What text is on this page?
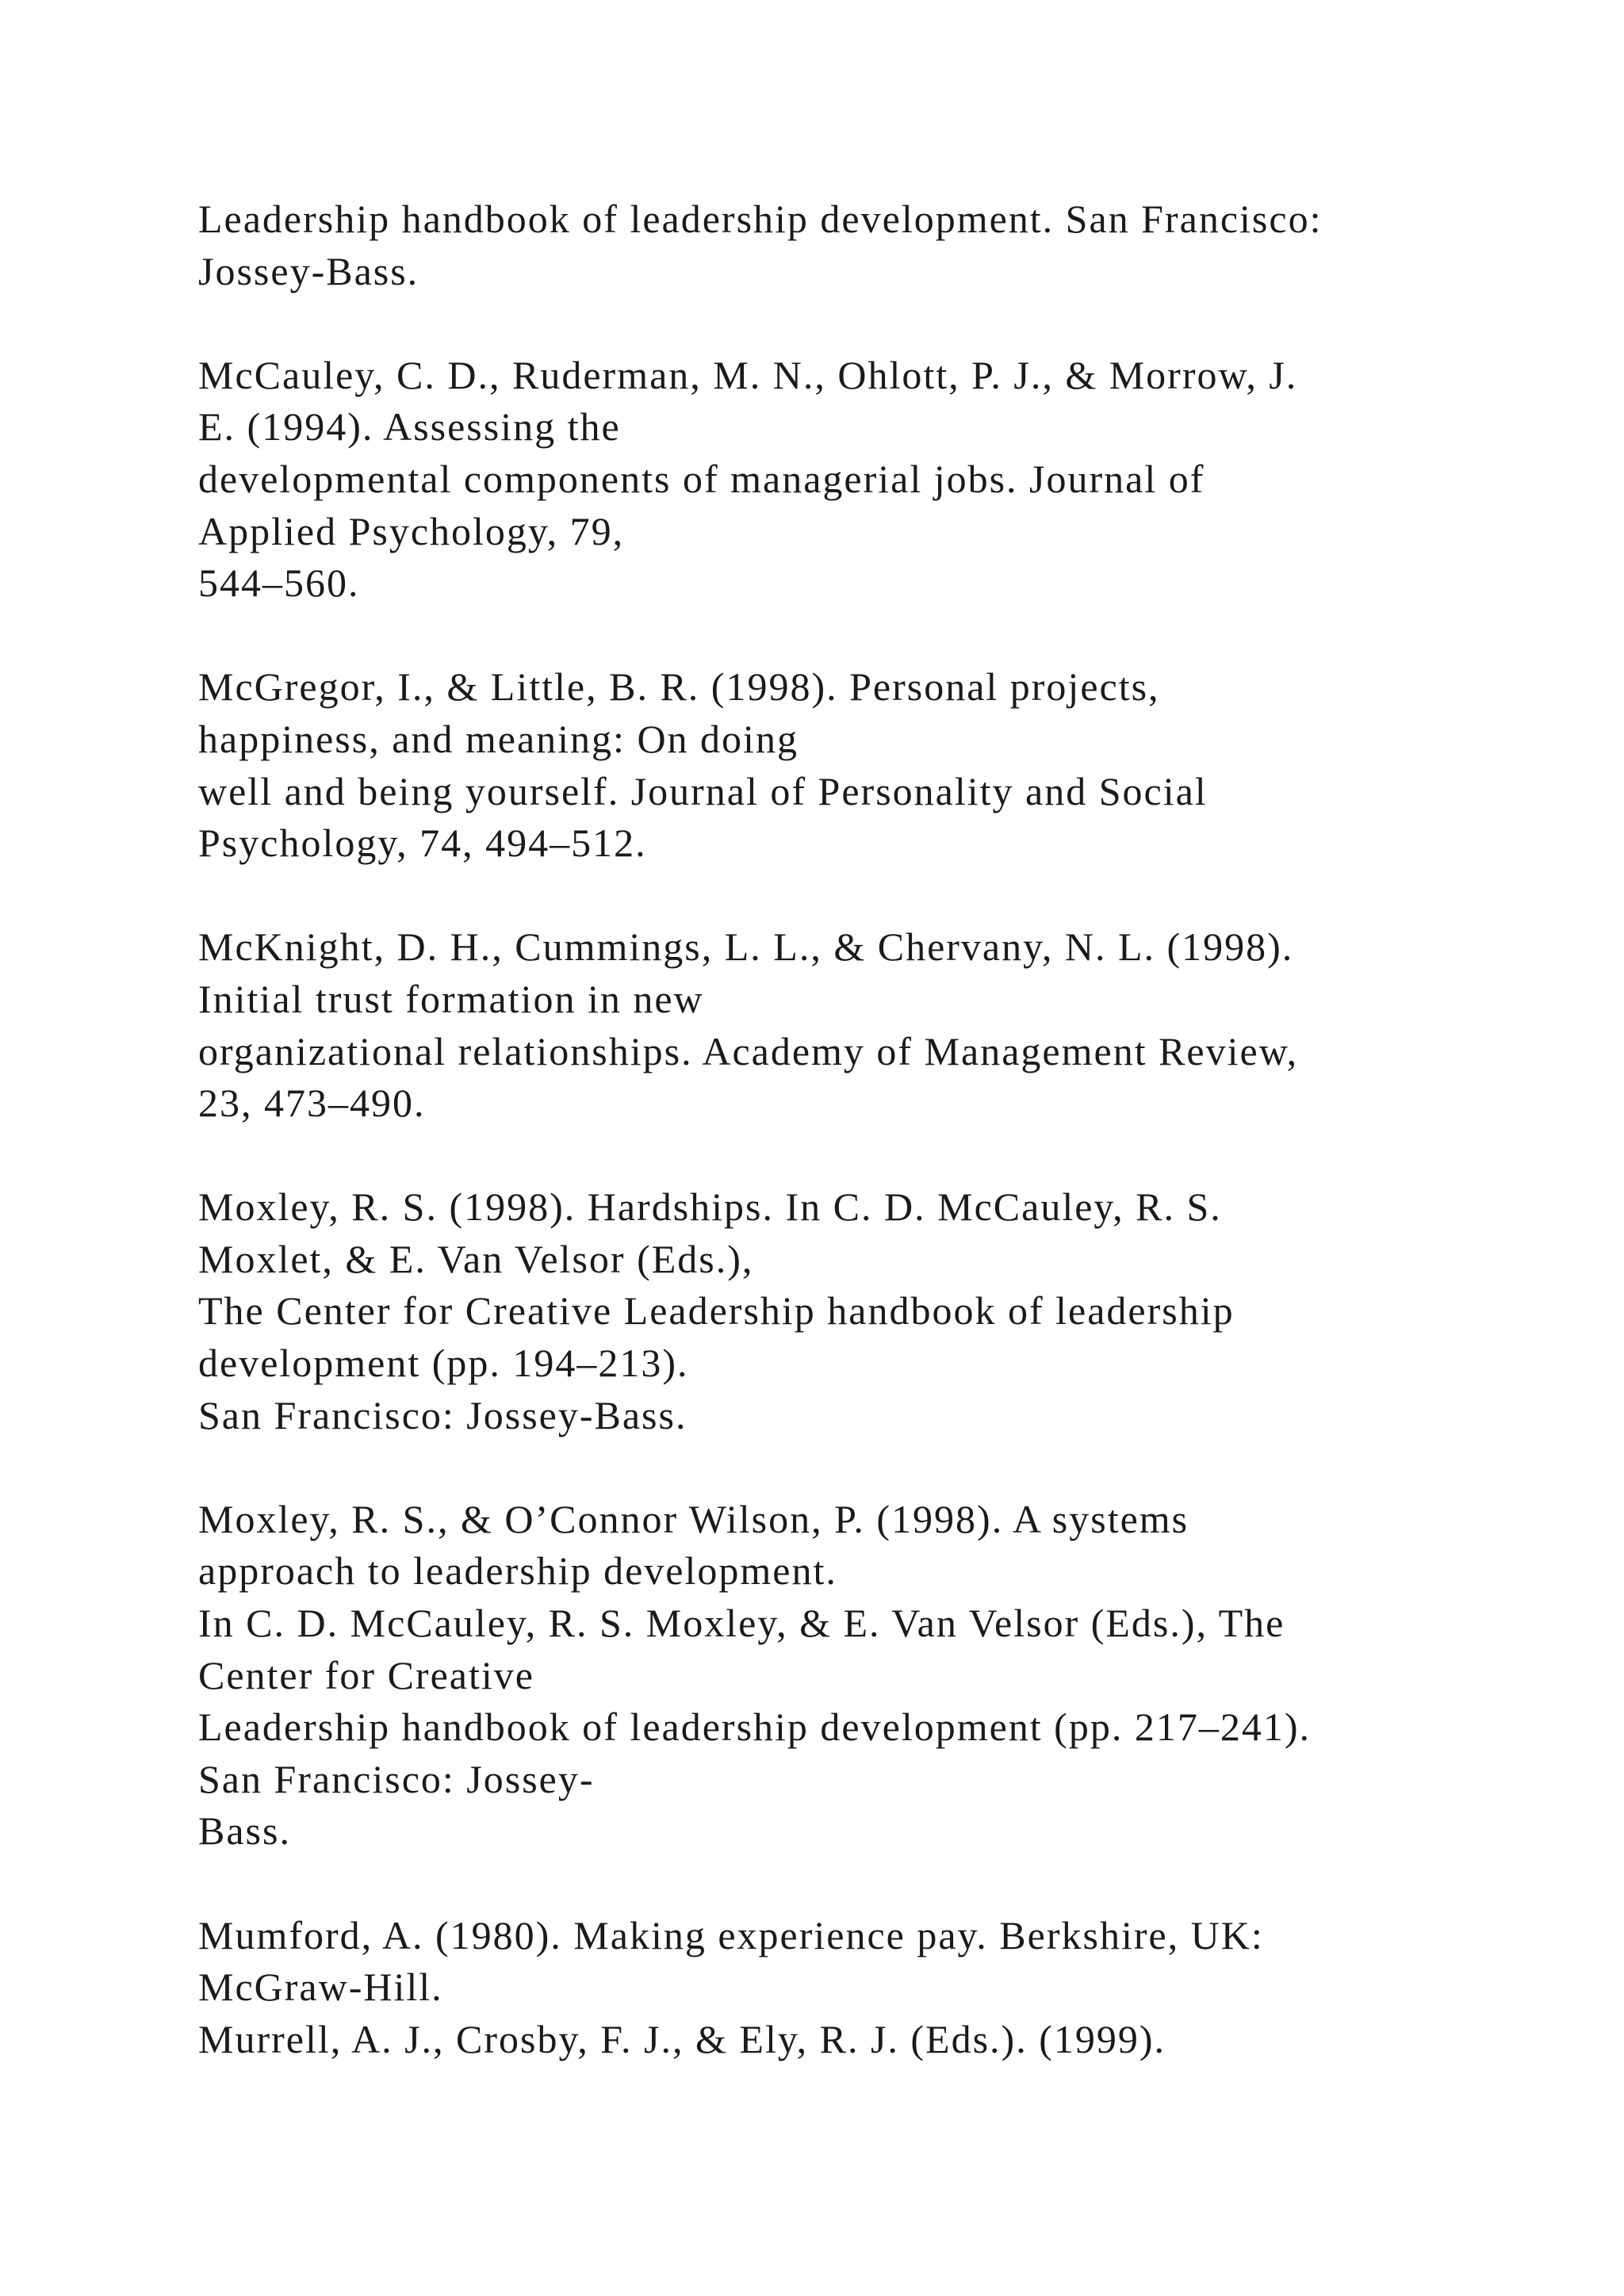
Leadership handbook of leadership development. San Francisco:
Jossey-Bass.
McCauley, C. D., Ruderman, M. N., Ohlott, P. J., & Morrow, J.
E. (1994). Assessing the
developmental components of managerial jobs. Journal of
Applied Psychology, 79,
544–560.
McGregor, I., & Little, B. R. (1998). Personal projects,
happiness, and meaning: On doing
well and being yourself. Journal of Personality and Social
Psychology, 74, 494–512.
McKnight, D. H., Cummings, L. L., & Chervany, N. L. (1998).
Initial trust formation in new
organizational relationships. Academy of Management Review,
23, 473–490.
Moxley, R. S. (1998). Hardships. In C. D. McCauley, R. S.
Moxlet, & E. Van Velsor (Eds.),
The Center for Creative Leadership handbook of leadership
development (pp. 194–213).
San Francisco: Jossey-Bass.
Moxley, R. S., & O’Connor Wilson, P. (1998). A systems
approach to leadership development.
In C. D. McCauley, R. S. Moxley, & E. Van Velsor (Eds.), The
Center for Creative
Leadership handbook of leadership development (pp. 217–241).
San Francisco: Jossey-
Bass.
Mumford, A. (1980). Making experience pay. Berkshire, UK:
McGraw-Hill.
Murrell, A. J., Crosby, F. J., & Ely, R. J. (Eds.). (1999).
